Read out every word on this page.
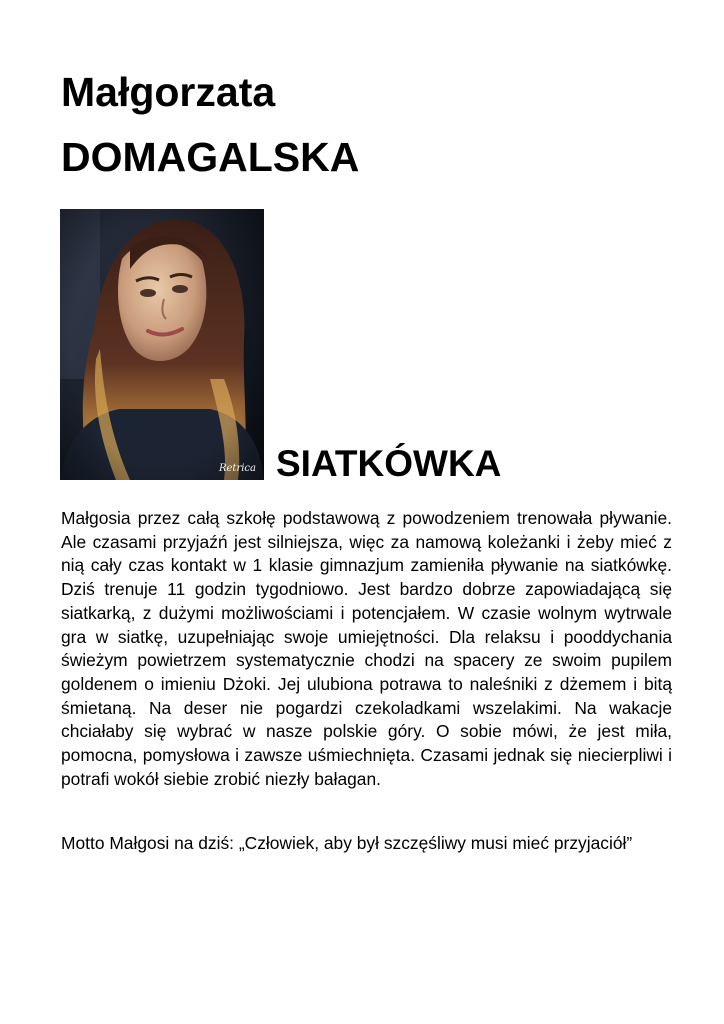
Małgorzata
DOMAGALSKA
Retrica SIATKÓWKA

Małgosia przez całą szkołę podstawową z powodzeniem trenowała pływanie. Ale czasami przyjaźń jest silniejsza, więc za namową koleżanki i żeby mieć z nią cały czas kontakt w 1 klasie gimnazjum zamieniła pływanie na siatkówkę. Dziś trenuje 11 godzin tygodniowo. Jest bardzo dobrze zapowiadającą się siatkarką, z dużymi możliwościami i potencjałem. W czasie wolnym wytrwale gra w siatkę, uzupełniając swoje umiejętności. Dla relaksu i pooddychania świeżym powietrzem systematycznie chodzi na spacery ze swoim pupilem goldenem o imieniu Dżoki. Jej ulubiona potrawa to naleśniki z dżemem i bitą śmietaną. Na deser nie pogardzi czekoladkami wszelakimi. Na wakacje chciałaby się wybrać w nasze polskie góry. O sobie mówi, że jest miła, pomocna, pomysłowa i zawsze uśmiechnięta. Czasami jednak się niecierpliwi i potrafi wokół siebie zrobić niezły bałagan.

Motto Małgosi na dziś: „Człowiek, aby był szczęśliwy musi mieć przyjaciół”
